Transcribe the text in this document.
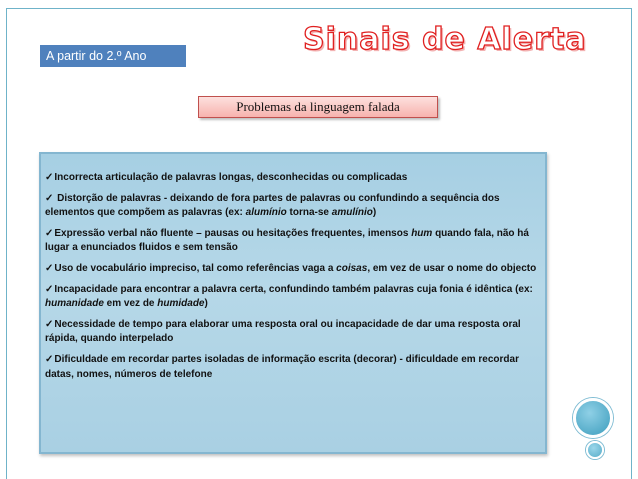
A partir do 2.º Ano	Sinais de Alerta
Problemas da linguagem falada
✓Incorrecta articulação de palavras longas, desconhecidas ou complicadas
✓ Distorção de palavras - deixando de fora partes de palavras ou confundindo a sequência dos elementos que compõem as palavras (ex: alumínio torna-se amulínio)
✓Expressão verbal não fluente – pausas ou hesitações frequentes, imensos hum quando fala, não há lugar a enunciados fluidos e sem tensão
✓Uso de vocabulário impreciso, tal como referências vaga a coisas, em vez de usar o nome do objecto
✓Incapacidade para encontrar a palavra certa, confundindo também palavras cuja fonia é idêntica (ex: humanidade em vez de humidade)
✓Necessidade de tempo para elaborar uma resposta oral ou incapacidade de dar uma resposta oral rápida, quando interpelado
✓Dificuldade em recordar partes isoladas de informação escrita (decorar) - dificuldade em recordar datas, nomes, números de telefone
